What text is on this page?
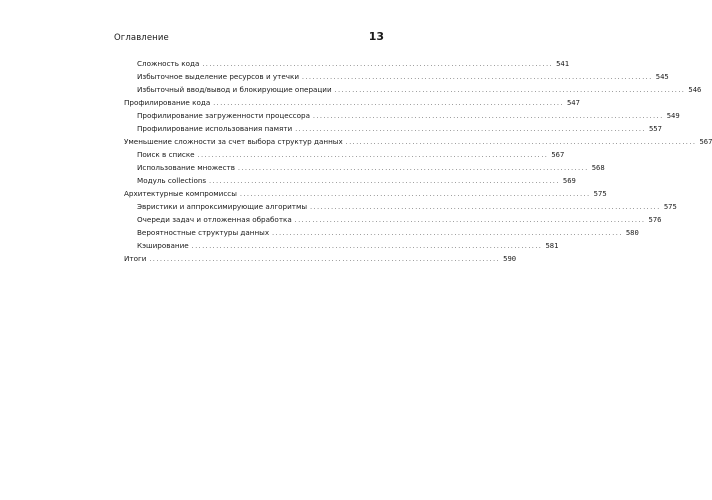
Оглавление	13
Сложность кода .................................................................................................... 541
Избыточное выделение ресурсов и утечки .................................................................................................... 545
Избыточный ввод/вывод и блокирующие операции .................................................................................................... 546
Профилирование кода .................................................................................................... 547
Профилирование загруженности процессора .................................................................................................... 549
Профилирование использования памяти .................................................................................................... 557
Уменьшение сложности за счет выбора структур данных .................................................................................................... 567
Поиск в списке .................................................................................................... 567
Использование множеств .................................................................................................... 568
Модуль collections .................................................................................................... 569
Архитектурные компромиссы .................................................................................................... 575
Эвристики и аппроксимирующие алгоритмы .................................................................................................... 575
Очереди задач и отложенная обработка .................................................................................................... 576
Вероятностные структуры данных .................................................................................................... 580
Кэширование .................................................................................................... 581
Итоги .................................................................................................... 590
